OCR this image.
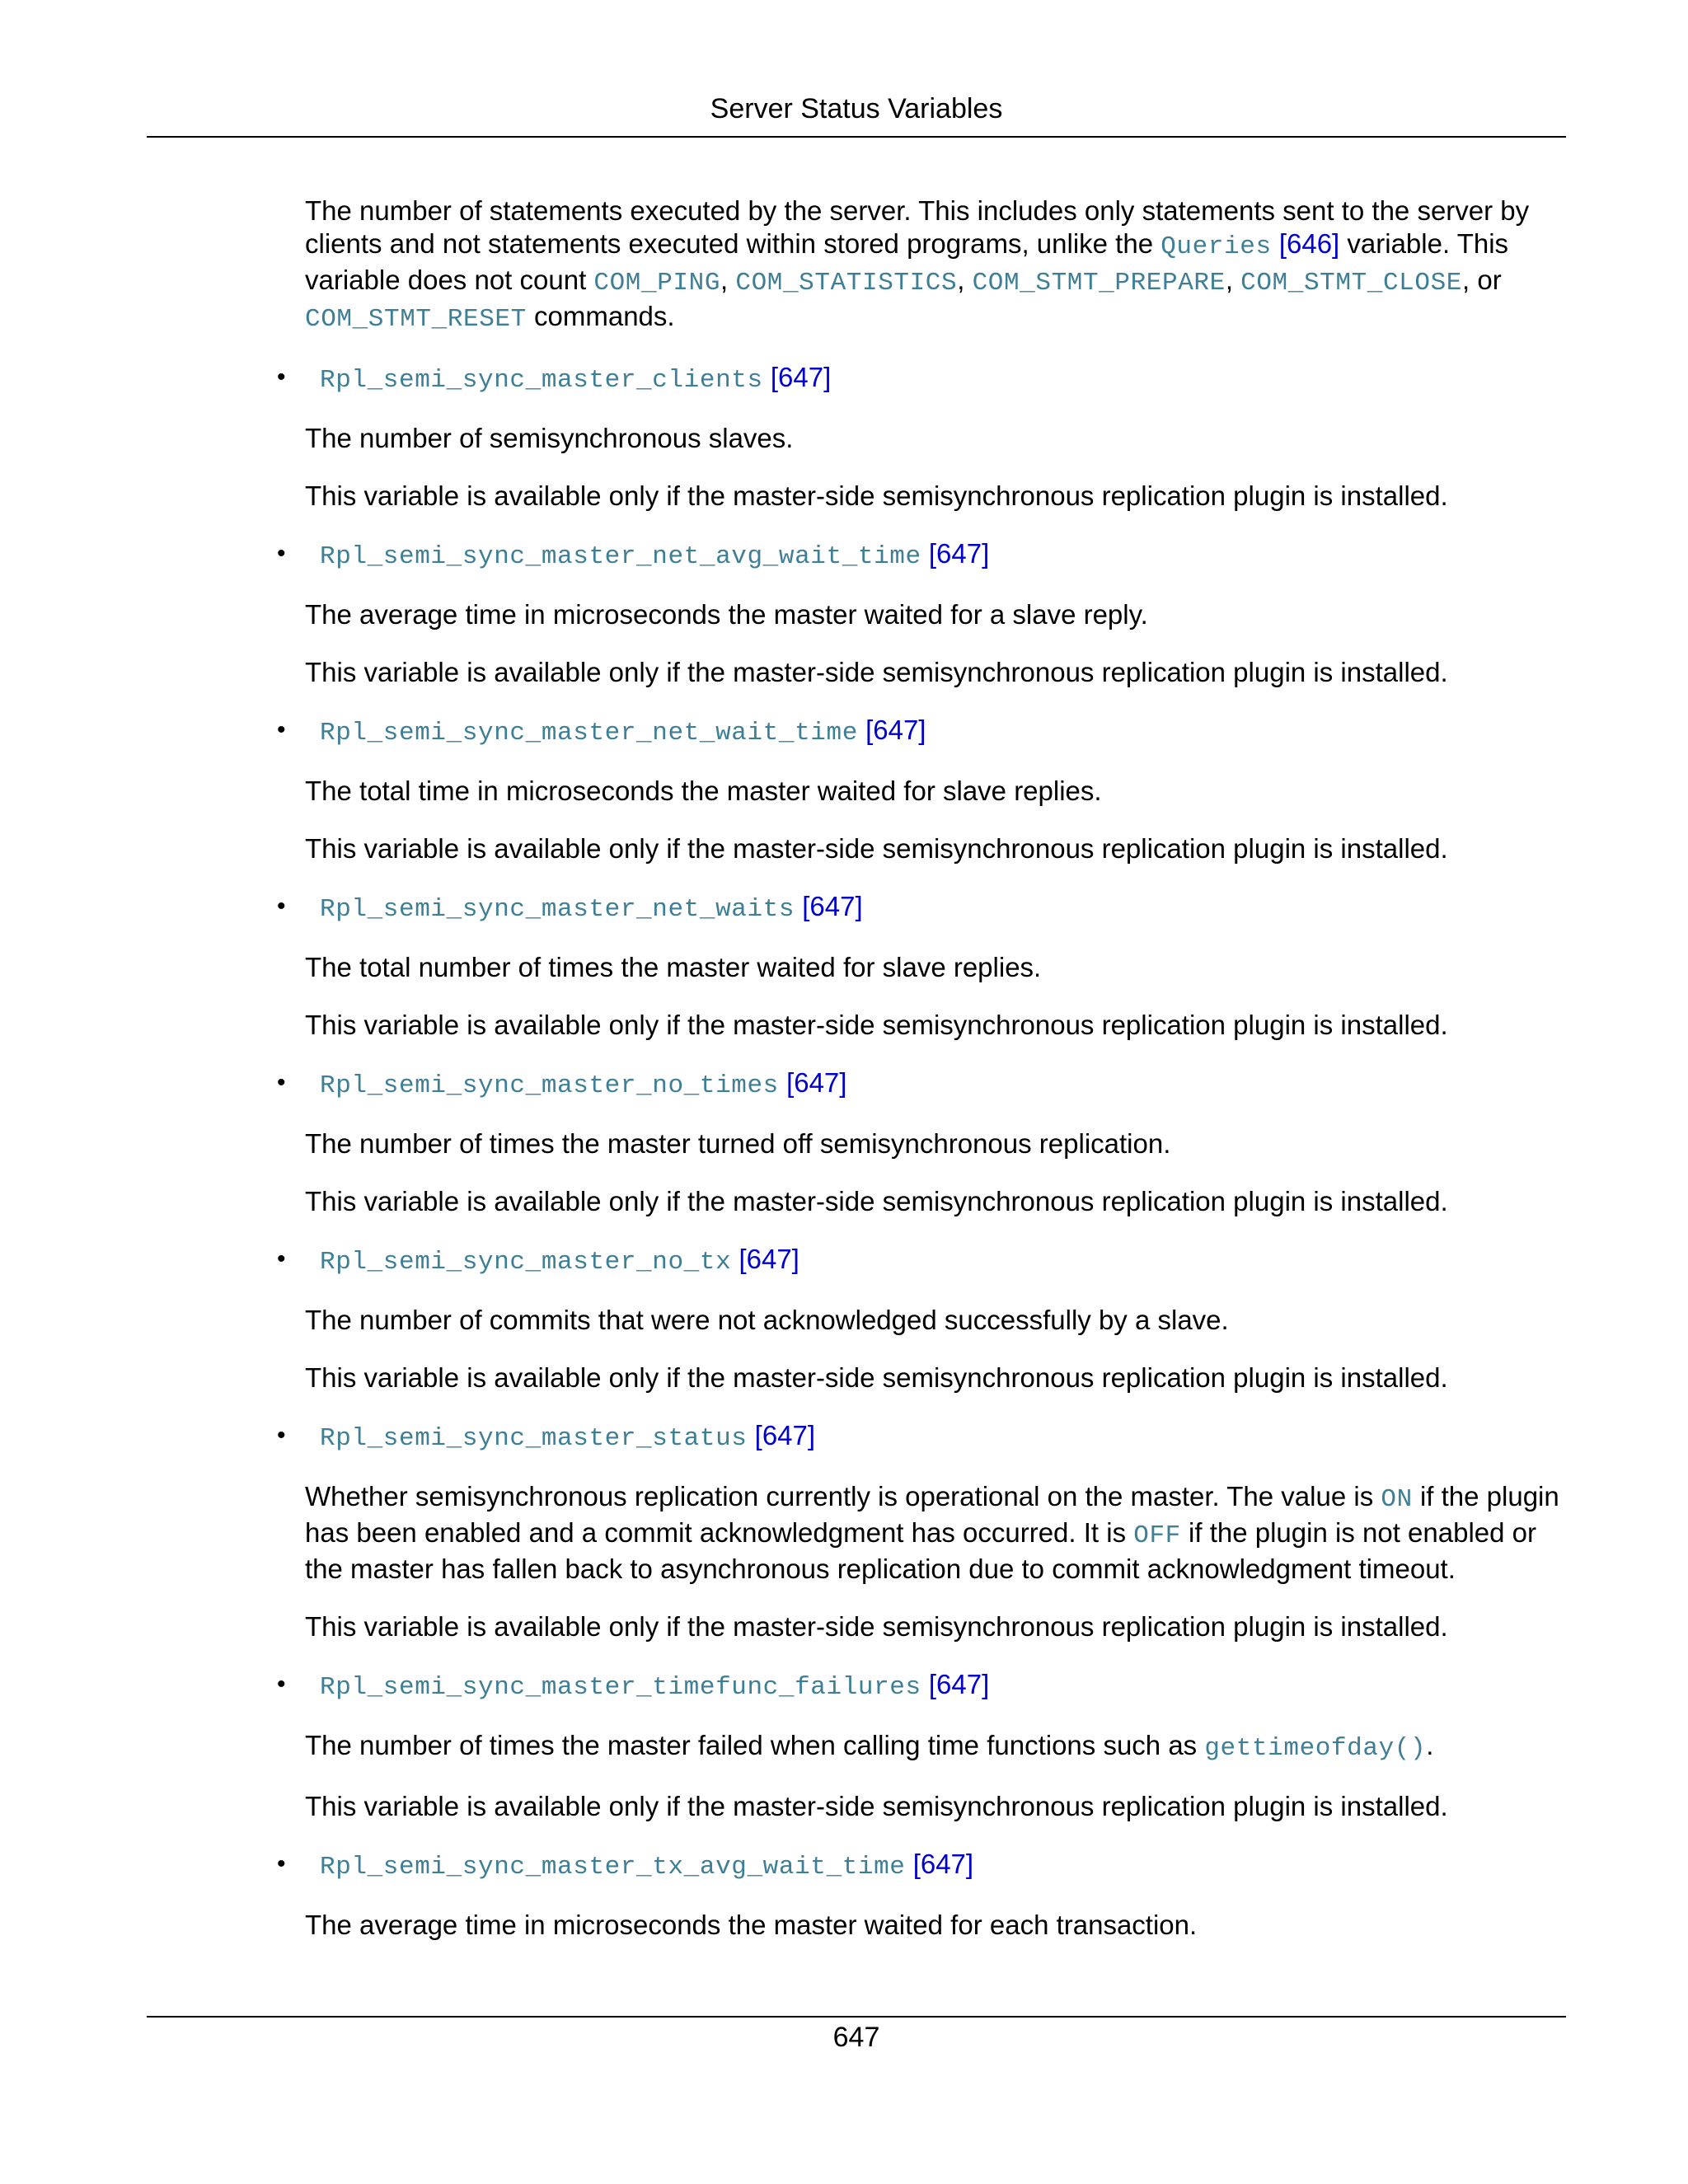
Server Status Variables

The number of statements executed by the server. This includes only statements sent to the server by clients and not statements executed within stored programs, unlike the Queries [646] variable. This variable does not count COM_PING, COM_STATISTICS, COM_STMT_PREPARE, COM_STMT_CLOSE, or COM_STMT_RESET commands.

• Rpl_semi_sync_master_clients [647]

The number of semisynchronous slaves.

This variable is available only if the master-side semisynchronous replication plugin is installed.

• Rpl_semi_sync_master_net_avg_wait_time [647]

The average time in microseconds the master waited for a slave reply.

This variable is available only if the master-side semisynchronous replication plugin is installed.

• Rpl_semi_sync_master_net_wait_time [647]

The total time in microseconds the master waited for slave replies.

This variable is available only if the master-side semisynchronous replication plugin is installed.

• Rpl_semi_sync_master_net_waits [647]

The total number of times the master waited for slave replies.

This variable is available only if the master-side semisynchronous replication plugin is installed.

• Rpl_semi_sync_master_no_times [647]

The number of times the master turned off semisynchronous replication.

This variable is available only if the master-side semisynchronous replication plugin is installed.

• Rpl_semi_sync_master_no_tx [647]

The number of commits that were not acknowledged successfully by a slave.

This variable is available only if the master-side semisynchronous replication plugin is installed.

• Rpl_semi_sync_master_status [647]

Whether semisynchronous replication currently is operational on the master. The value is ON if the plugin has been enabled and a commit acknowledgment has occurred. It is OFF if the plugin is not enabled or the master has fallen back to asynchronous replication due to commit acknowledgment timeout.

This variable is available only if the master-side semisynchronous replication plugin is installed.

• Rpl_semi_sync_master_timefunc_failures [647]

The number of times the master failed when calling time functions such as gettimeofday().

This variable is available only if the master-side semisynchronous replication plugin is installed.

• Rpl_semi_sync_master_tx_avg_wait_time [647]

The average time in microseconds the master waited for each transaction.

647
